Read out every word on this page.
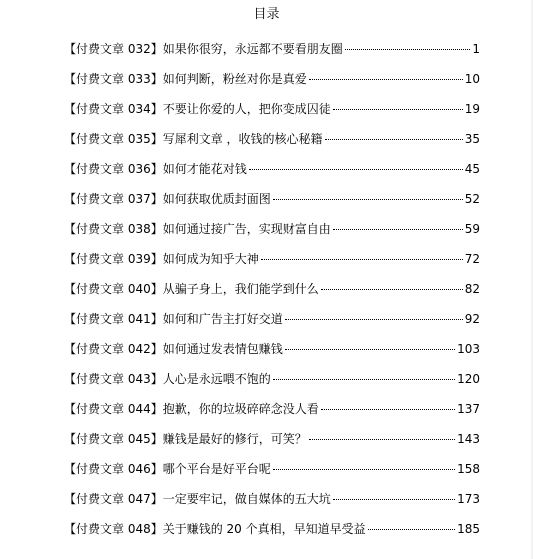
目录
【付费文章 032】如果你很穷，永远都不要看朋友圈	1
【付费文章 033】如何判断，粉丝对你是真爱	10
【付费文章 034】不要让你爱的人，把你变成囚徒	19
【付费文章 035】写犀利文章 ，收钱的核心秘籍	35
【付费文章 036】如何才能花对钱	45
【付费文章 037】如何获取优质封面图	52
【付费文章 038】如何通过接广告，实现财富自由	59
【付费文章 039】如何成为知乎大神	72
【付费文章 040】从骗子身上，我们能学到什么	82
【付费文章 041】如何和广告主打好交道	92
【付费文章 042】如何通过发表情包赚钱	103
【付费文章 043】人心是永远喂不饱的	120
【付费文章 044】抱歉，你的垃圾碎碎念没人看	137
【付费文章 045】赚钱是最好的修行，可笑？	143
【付费文章 046】哪个平台是好平台呢	158
【付费文章 047】一定要牢记，做自媒体的五大坑	173
【付费文章 048】关于赚钱的 20 个真相，早知道早受益	185
